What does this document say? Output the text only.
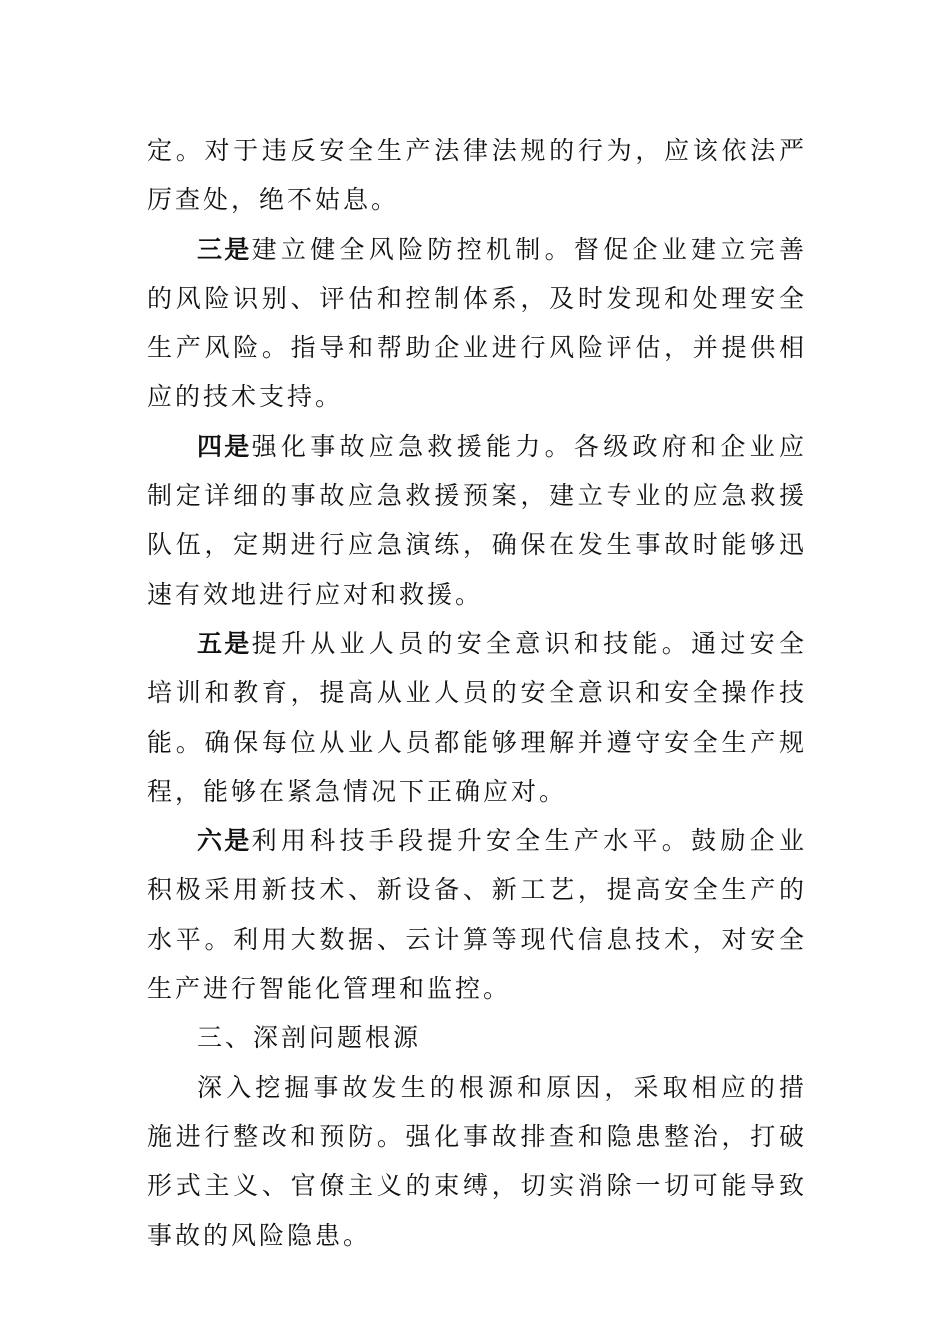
定。对于违反安全生产法律法规的行为，应该依法严厉查处，绝不姑息。

三是建立健全风险防控机制。督促企业建立完善的风险识别、评估和控制体系，及时发现和处理安全生产风险。指导和帮助企业进行风险评估，并提供相应的技术支持。

四是强化事故应急救援能力。各级政府和企业应制定详细的事故应急救援预案，建立专业的应急救援队伍，定期进行应急演练，确保在发生事故时能够迅速有效地进行应对和救援。

五是提升从业人员的安全意识和技能。通过安全培训和教育，提高从业人员的安全意识和安全操作技能。确保每位从业人员都能够理解并遵守安全生产规程，能够在紧急情况下正确应对。

六是利用科技手段提升安全生产水平。鼓励企业积极采用新技术、新设备、新工艺，提高安全生产的水平。利用大数据、云计算等现代信息技术，对安全生产进行智能化管理和监控。

三、深剖问题根源

深入挖掘事故发生的根源和原因，采取相应的措施进行整改和预防。强化事故排查和隐患整治，打破形式主义、官僚主义的束缚，切实消除一切可能导致事故的风险隐患。
